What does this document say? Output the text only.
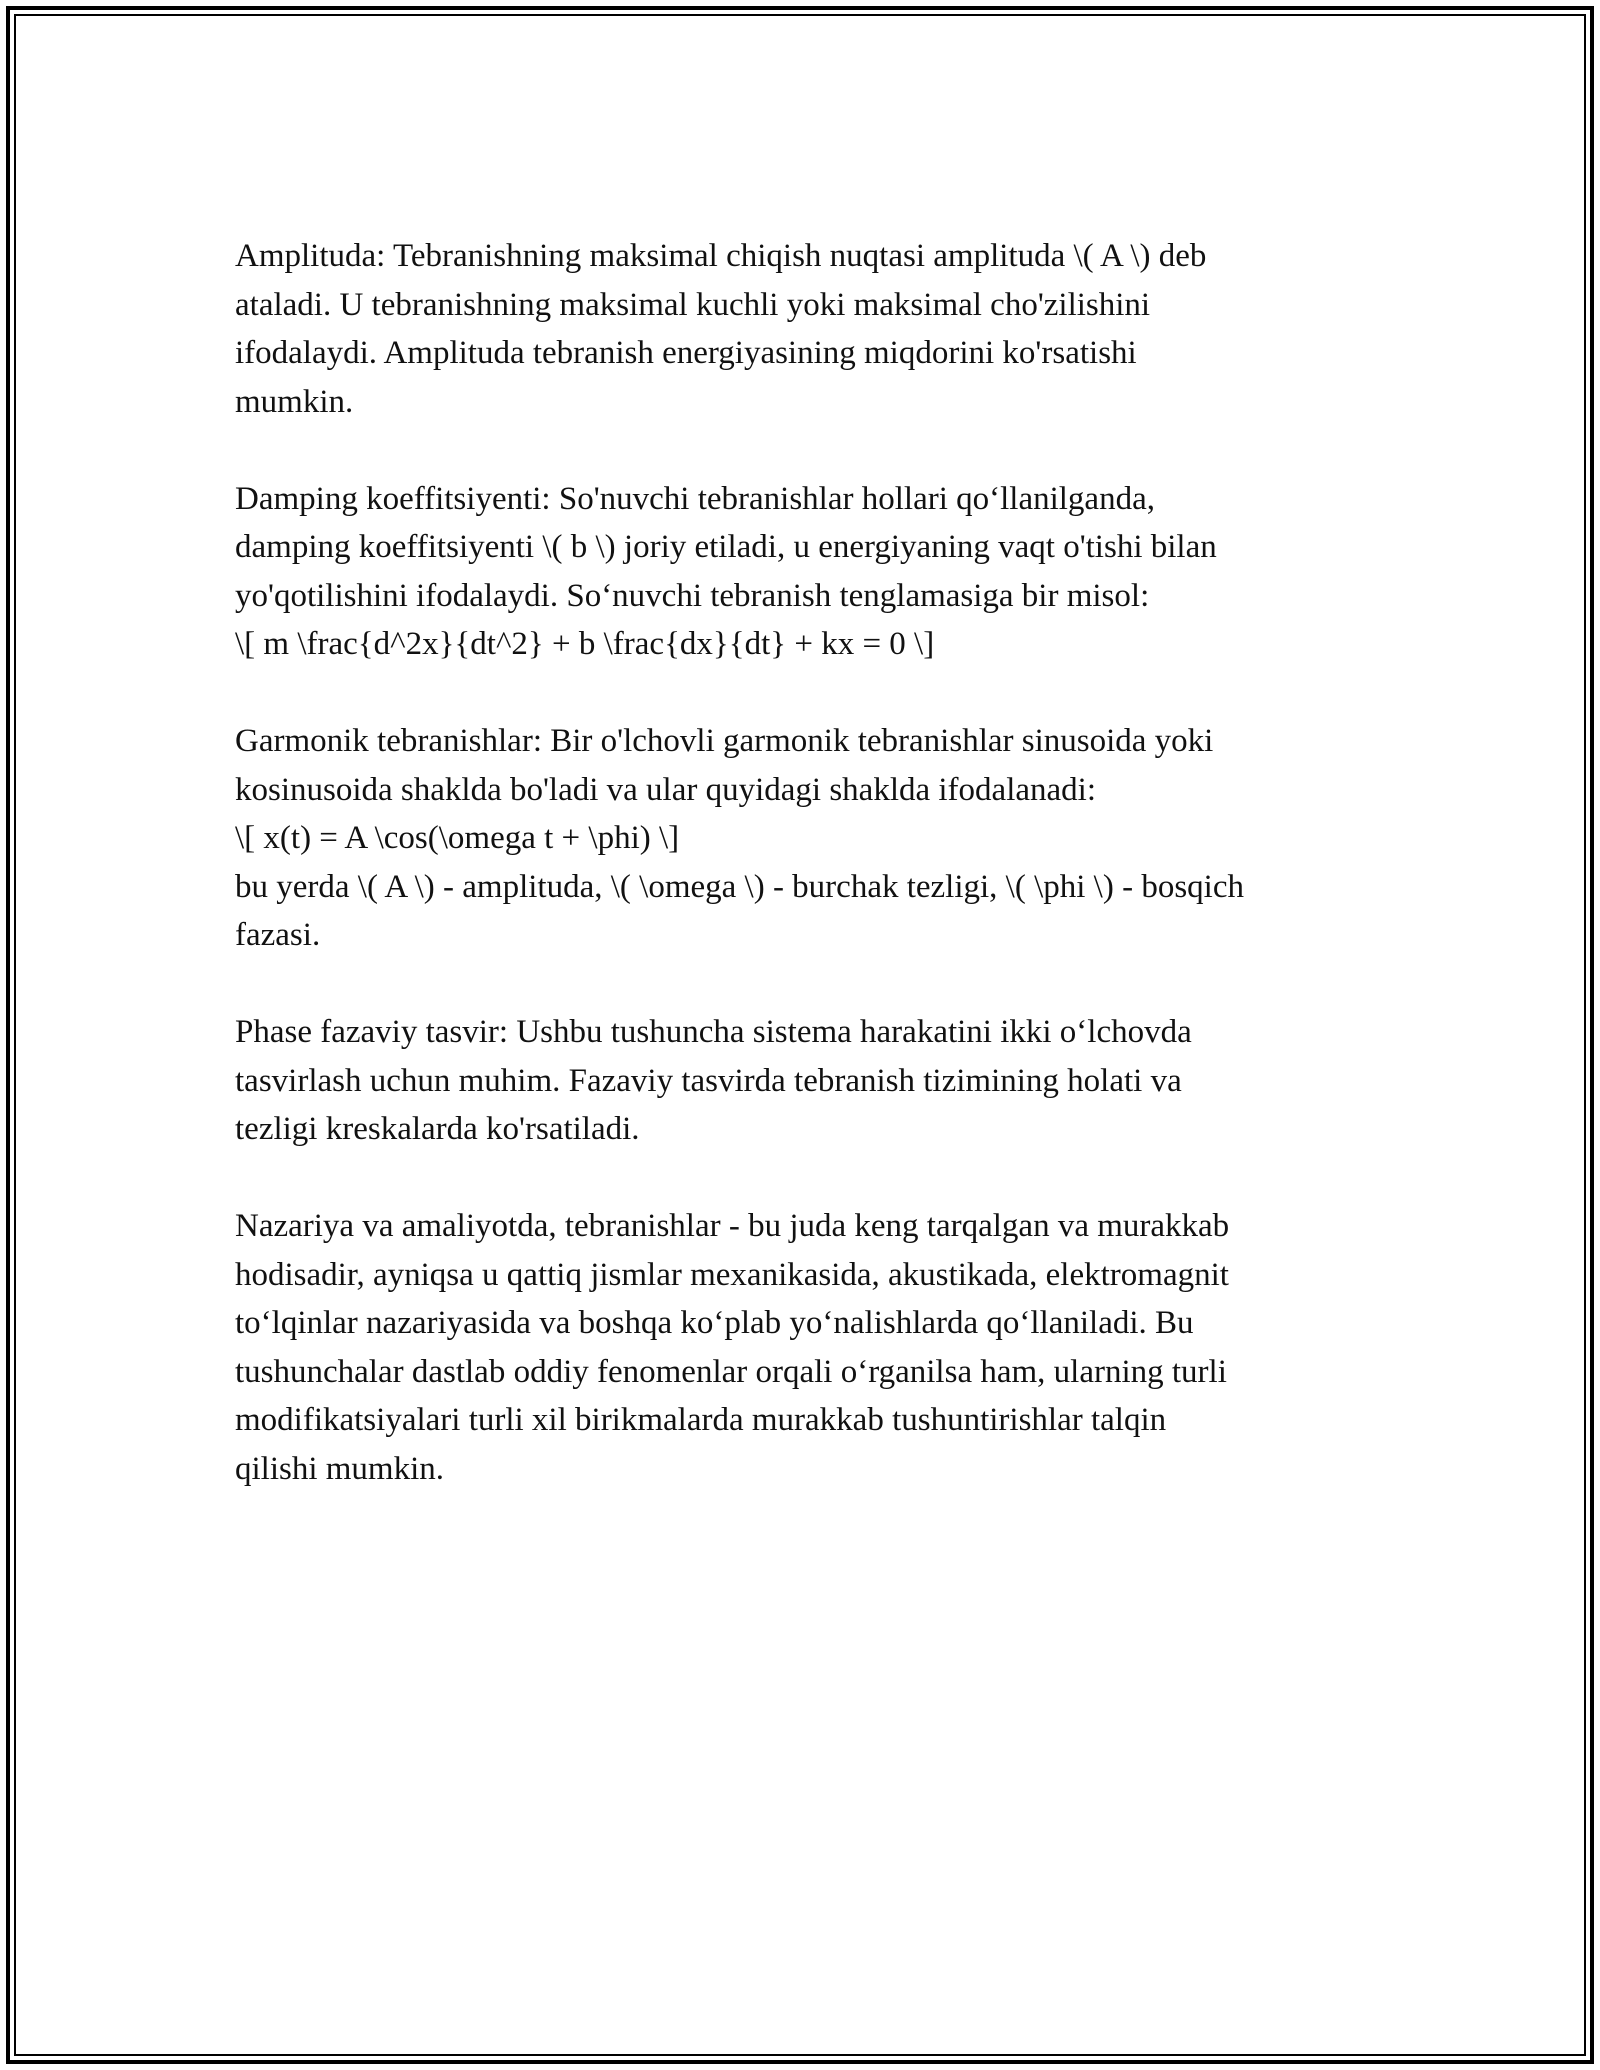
Amplituda: Tebranishning maksimal chiqish nuqtasi amplituda \( A \) deb
ataladi. U tebranishning maksimal kuchli yoki maksimal cho'zilishini
ifodalaydi. Amplituda tebranish energiyasining miqdorini ko'rsatishi
mumkin.
Damping koeffitsiyenti: So'nuvchi tebranishlar hollari qo‘llanilganda,
damping koeffitsiyenti \( b \) joriy etiladi, u energiyaning vaqt o'tishi bilan
yo'qotilishini ifodalaydi. So‘nuvchi tebranish tenglamasiga bir misol:
\[ m \frac{d^2x}{dt^2} + b \frac{dx}{dt} + kx = 0 \]
Garmonik tebranishlar: Bir o'lchovli garmonik tebranishlar sinusoida yoki
kosinusoida shaklda bo'ladi va ular quyidagi shaklda ifodalanadi:
\[ x(t) = A \cos(\omega t + \phi) \]
bu yerda \( A \) - amplituda, \( \omega \) - burchak tezligi, \( \phi \) - bosqich
fazasi.
Phase fazaviy tasvir: Ushbu tushuncha sistema harakatini ikki o‘lchovda
tasvirlash uchun muhim. Fazaviy tasvirda tebranish tizimining holati va
tezligi kreskalarda ko'rsatiladi.
Nazariya va amaliyotda, tebranishlar - bu juda keng tarqalgan va murakkab
hodisadir, ayniqsa u qattiq jismlar mexanikasida, akustikada, elektromagnit
to‘lqinlar nazariyasida va boshqa ko‘plab yo‘nalishlarda qo‘llaniladi. Bu
tushunchalar dastlab oddiy fenomenlar orqali o‘rganilsa ham, ularning turli
modifikatsiyalari turli xil birikmalarda murakkab tushuntirishlar talqin
qilishi mumkin.
